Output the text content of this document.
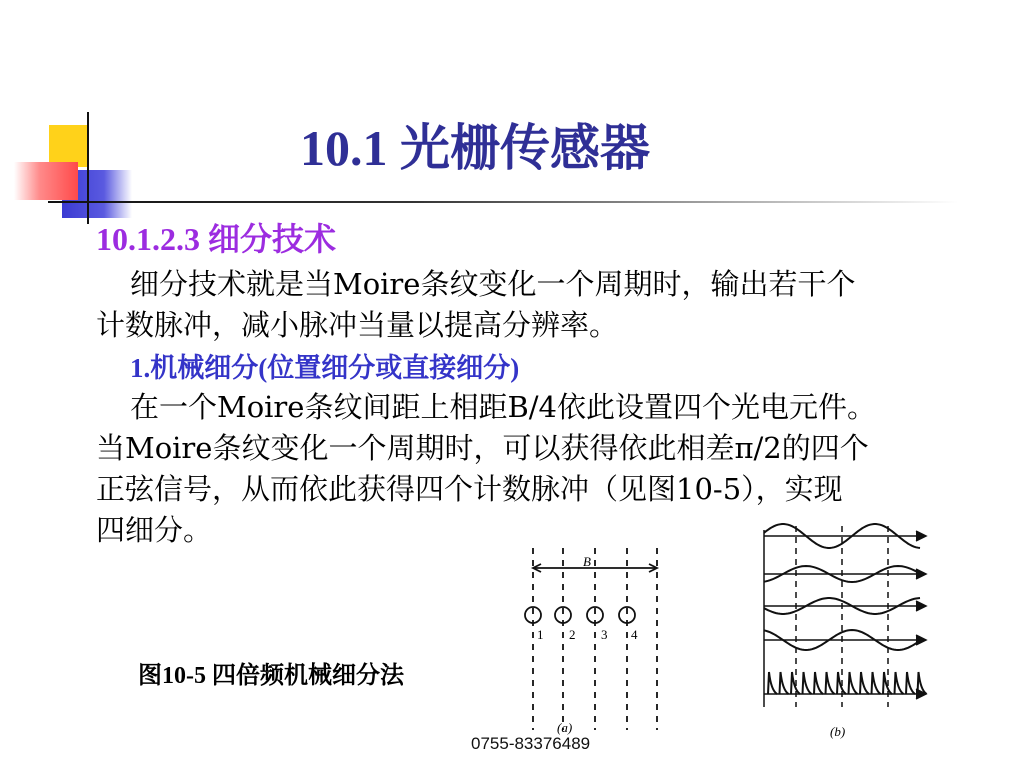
10.1 光栅传感器
10.1.2.3 细分技术
细分技术就是当Moire条纹变化一个周期时，输出若干个
计数脉冲，减小脉冲当量以提高分辨率。
1.机械细分(位置细分或直接细分)
在一个Moire条纹间距上相距B/4依此设置四个光电元件。
当Moire条纹变化一个周期时，可以获得依此相差π/2的四个
正弦信号，从而依此获得四个计数脉冲（见图10-5），实现
四细分。
B
1 2 3 4
(a)	(b)
图10-5 四倍频机械细分法
0755-83376489
